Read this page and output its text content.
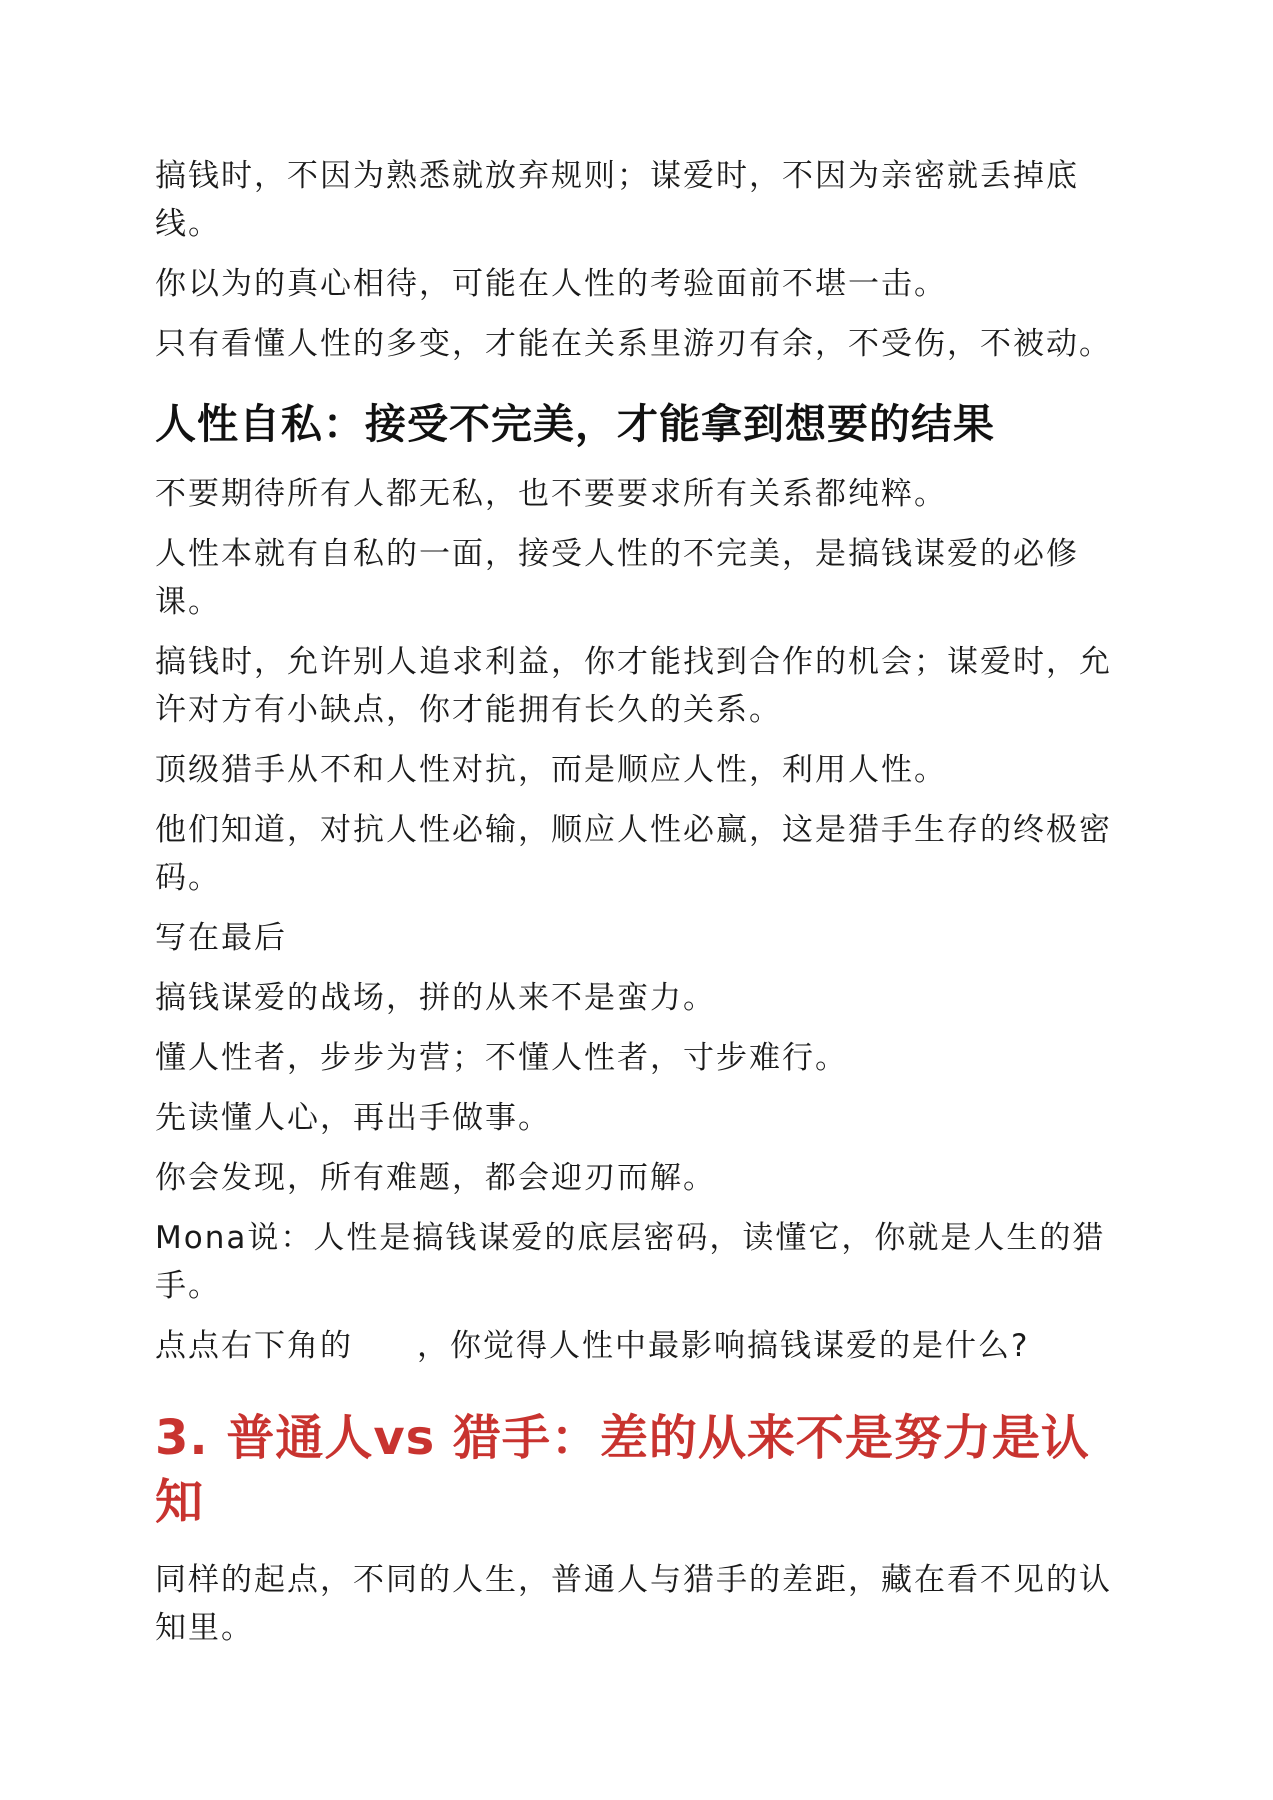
搞钱时，不因为熟悉就放弃规则；谋爱时，不因为亲密就丢掉底线。

你以为的真心相待，可能在人性的考验面前不堪一击。

只有看懂人性的多变，才能在关系里游刃有余，不受伤，不被动。

人性自私：接受不完美，才能拿到想要的结果

不要期待所有人都无私，也不要要求所有关系都纯粹。

人性本就有自私的一面，接受人性的不完美，是搞钱谋爱的必修课。

搞钱时，允许别人追求利益，你才能找到合作的机会；谋爱时，允许对方有小缺点，你才能拥有长久的关系。

顶级猎手从不和人性对抗，而是顺应人性，利用人性。

他们知道，对抗人性必输，顺应人性必赢，这是猎手生存的终极密码。

写在最后

搞钱谋爱的战场，拼的从来不是蛮力。

懂人性者，步步为营；不懂人性者，寸步难行。

先读懂人心，再出手做事。

你会发现，所有难题，都会迎刃而解。

Mona说：人性是搞钱谋爱的底层密码，读懂它，你就是人生的猎手。

点点右下角的 ，你觉得人性中最影响搞钱谋爱的是什么?

3. 普通人vs 猎手：差的从来不是努力是认知

同样的起点，不同的人生，普通人与猎手的差距，藏在看不见的认知里。
